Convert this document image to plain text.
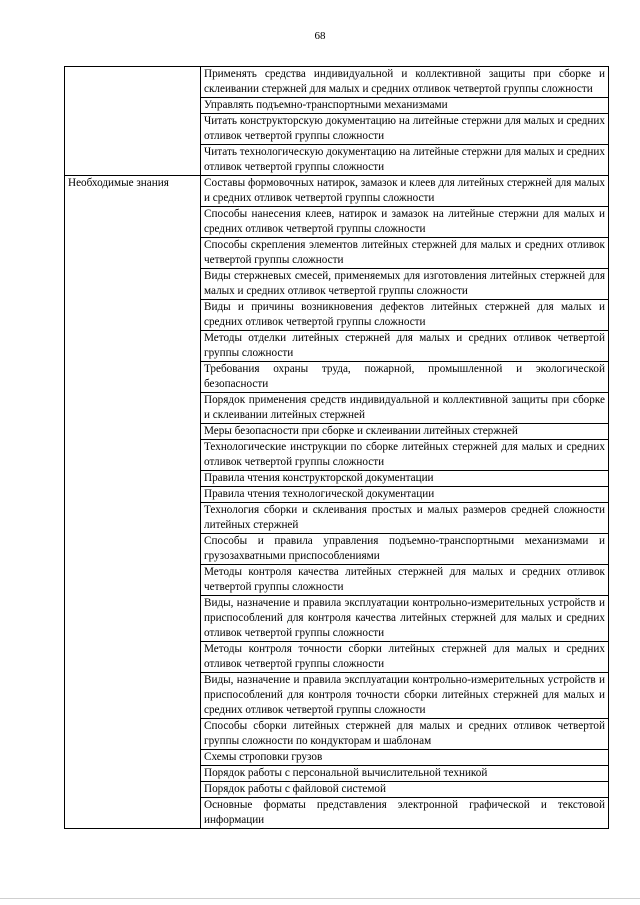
68
	Применять средства индивидуальной и коллективной защиты при сборке и склеивании стержней для малых и средних отливок четвертой группы сложности
	Управлять подъемно-транспортными механизмами
	Читать конструкторскую документацию на литейные стержни для малых и средних отливок четвертой группы сложности
	Читать технологическую документацию на литейные стержни для малых и средних отливок четвертой группы сложности
Необходимые знания	Составы формовочных натирок, замазок и клеев для литейных стержней для малых и средних отливок четвертой группы сложности
	Способы нанесения клеев, натирок и замазок на литейные стержни для малых и средних отливок четвертой группы сложности
	Способы скрепления элементов литейных стержней для малых и средних отливок четвертой группы сложности
	Виды стержневых смесей, применяемых для изготовления литейных стержней для малых и средних отливок четвертой группы сложности
	Виды и причины возникновения дефектов литейных стержней для малых и средних отливок четвертой группы сложности
	Методы отделки литейных стержней для малых и средних отливок четвертой группы сложности
	Требования охраны труда, пожарной, промышленной и экологической безопасности
	Порядок применения средств индивидуальной и коллективной защиты при сборке и склеивании литейных стержней
	Меры безопасности при сборке и склеивании литейных стержней
	Технологические инструкции по сборке литейных стержней для малых и средних отливок четвертой группы сложности
	Правила чтения конструкторской документации
	Правила чтения технологической документации
	Технология сборки и склеивания простых и малых размеров средней сложности литейных стержней
	Способы и правила управления подъемно-транспортными механизмами и грузозахватными приспособлениями
	Методы контроля качества литейных стержней для малых и средних отливок четвертой группы сложности
	Виды, назначение и правила эксплуатации контрольно-измерительных устройств и приспособлений для контроля качества литейных стержней для малых и средних отливок четвертой группы сложности
	Методы контроля точности сборки литейных стержней для малых и средних отливок четвертой группы сложности
	Виды, назначение и правила эксплуатации контрольно-измерительных устройств и приспособлений для контроля точности сборки литейных стержней для малых и средних отливок четвертой группы сложности
	Способы сборки литейных стержней для малых и средних отливок четвертой группы сложности по кондукторам и шаблонам
	Схемы строповки грузов
	Порядок работы с персональной вычислительной техникой
	Порядок работы с файловой системой
	Основные форматы представления электронной графической и текстовой информации
